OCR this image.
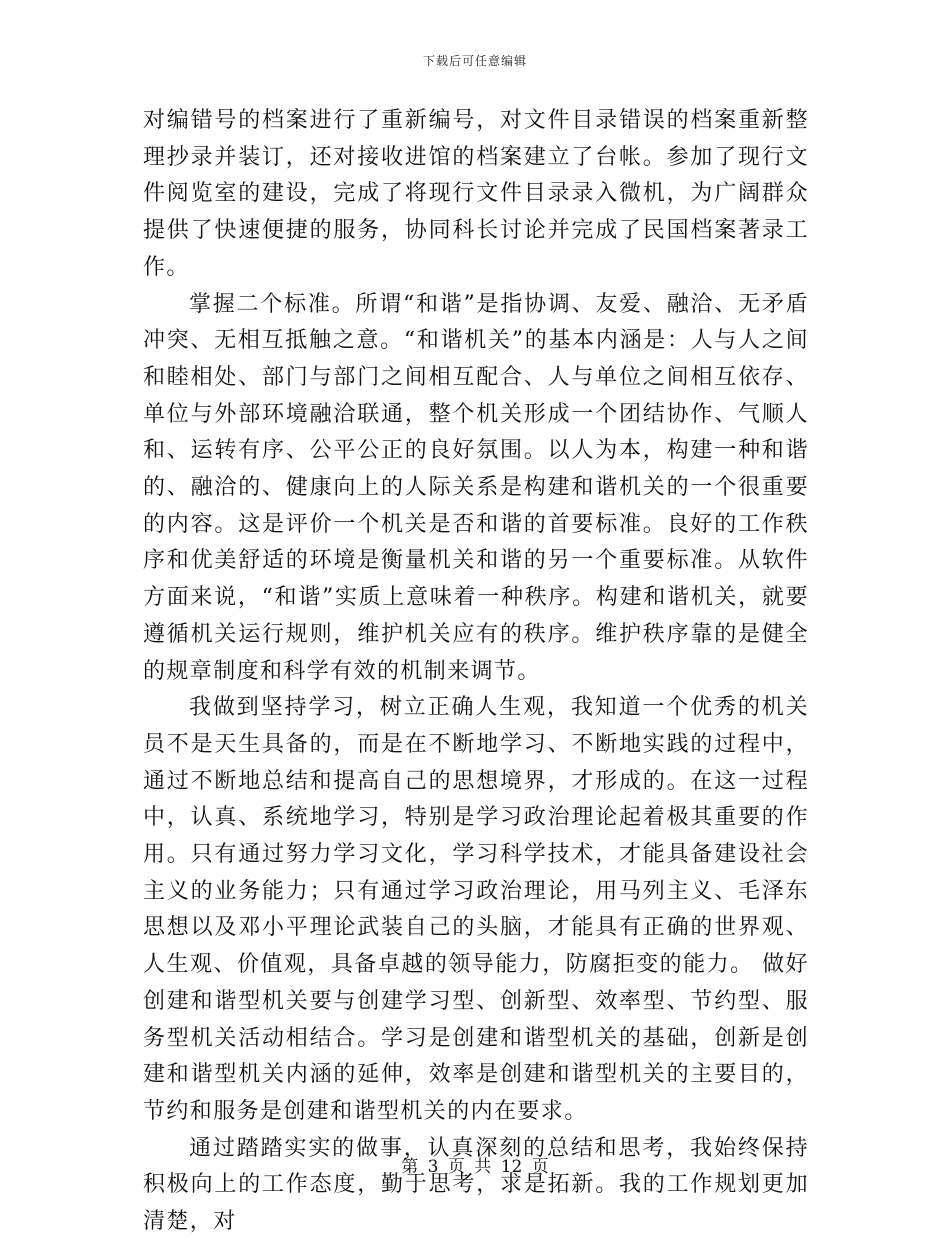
下载后可任意编辑

对编错号的档案进行了重新编号，对文件目录错误的档案重新整理抄录并装订，还对接收进馆的档案建立了台帐。参加了现行文件阅览室的建设，完成了将现行文件目录录入微机，为广阔群众提供了快速便捷的服务，协同科长讨论并完成了民国档案著录工作。

掌握二个标准。所谓“和谐”是指协调、友爱、融洽、无矛盾冲突、无相互抵触之意。“和谐机关”的基本内涵是：人与人之间和睦相处、部门与部门之间相互配合、人与单位之间相互依存、单位与外部环境融洽联通，整个机关形成一个团结协作、气顺人和、运转有序、公平公正的良好氛围。以人为本，构建一种和谐的、融洽的、健康向上的人际关系是构建和谐机关的一个很重要的内容。这是评价一个机关是否和谐的首要标准。良好的工作秩序和优美舒适的环境是衡量机关和谐的另一个重要标准。从软件方面来说，“和谐”实质上意味着一种秩序。构建和谐机关，就要遵循机关运行规则，维护机关应有的秩序。维护秩序靠的是健全的规章制度和科学有效的机制来调节。

我做到坚持学习，树立正确人生观，我知道一个优秀的机关员不是天生具备的，而是在不断地学习、不断地实践的过程中，通过不断地总结和提高自己的思想境界，才形成的。在这一过程中，认真、系统地学习，特别是学习政治理论起着极其重要的作用。只有通过努力学习文化，学习科学技术，才能具备建设社会主义的业务能力；只有通过学习政治理论，用马列主义、毛泽东思想以及邓小平理论武装自己的头脑，才能具有正确的世界观、人生观、价值观，具备卓越的领导能力，防腐拒变的能力。 做好创建和谐型机关要与创建学习型、创新型、效率型、节约型、服务型机关活动相结合。学习是创建和谐型机关的基础，创新是创建和谐型机关内涵的延伸，效率是创建和谐型机关的主要目的，节约和服务是创建和谐型机关的内在要求。

通过踏踏实实的做事，认真深刻的总结和思考，我始终保持积极向上的工作态度，勤于思考，求是拓新。我的工作规划更加清楚，对

第 3 页 共 12 页
